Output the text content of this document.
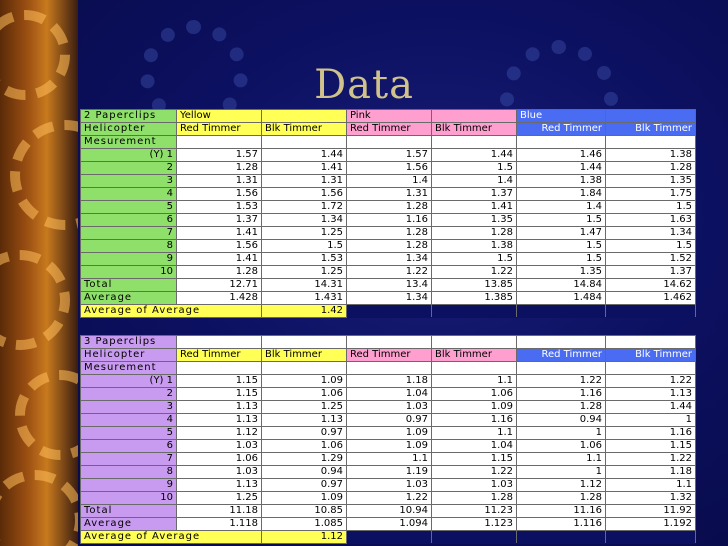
Data
2 Paperclips	Yellow		Pink		Blue	
Helicopter	Red Timmer	Blk Timmer	Red Timmer	Blk Timmer	Red Timmer	Blk Timmer
Mesurement						
(Y) 1	1.57	1.44	1.57	1.44	1.46	1.38
2	1.28	1.41	1.56	1.5	1.44	1.28
3	1.31	1.31	1.4	1.4	1.38	1.35
4	1.56	1.56	1.31	1.37	1.84	1.75
5	1.53	1.72	1.28	1.41	1.4	1.5
6	1.37	1.34	1.16	1.35	1.5	1.63
7	1.41	1.25	1.28	1.28	1.47	1.34
8	1.56	1.5	1.28	1.38	1.5	1.5
9	1.41	1.53	1.34	1.5	1.5	1.52
10	1.28	1.25	1.22	1.22	1.35	1.37
Total	12.71	14.31	13.4	13.85	14.84	14.62
Average	1.428	1.431	1.34	1.385	1.484	1.462
Average of Average		1.42				
3 Paperclips						
Helicopter	Red Timmer	Blk Timmer	Red Timmer	Blk Timmer	Red Timmer	Blk Timmer
Mesurement						
(Y) 1	1.15	1.09	1.18	1.1	1.22	1.22
2	1.15	1.06	1.04	1.06	1.16	1.13
3	1.13	1.25	1.03	1.09	1.28	1.44
4	1.13	1.13	0.97	1.16	0.94	1
5	1.12	0.97	1.09	1.1	1	1.16
6	1.03	1.06	1.09	1.04	1.06	1.15
7	1.06	1.29	1.1	1.15	1.1	1.22
8	1.03	0.94	1.19	1.22	1	1.18
9	1.13	0.97	1.03	1.03	1.12	1.1
10	1.25	1.09	1.22	1.28	1.28	1.32
Total	11.18	10.85	10.94	11.23	11.16	11.92
Average	1.118	1.085	1.094	1.123	1.116	1.192
Average of Average		1.12				
